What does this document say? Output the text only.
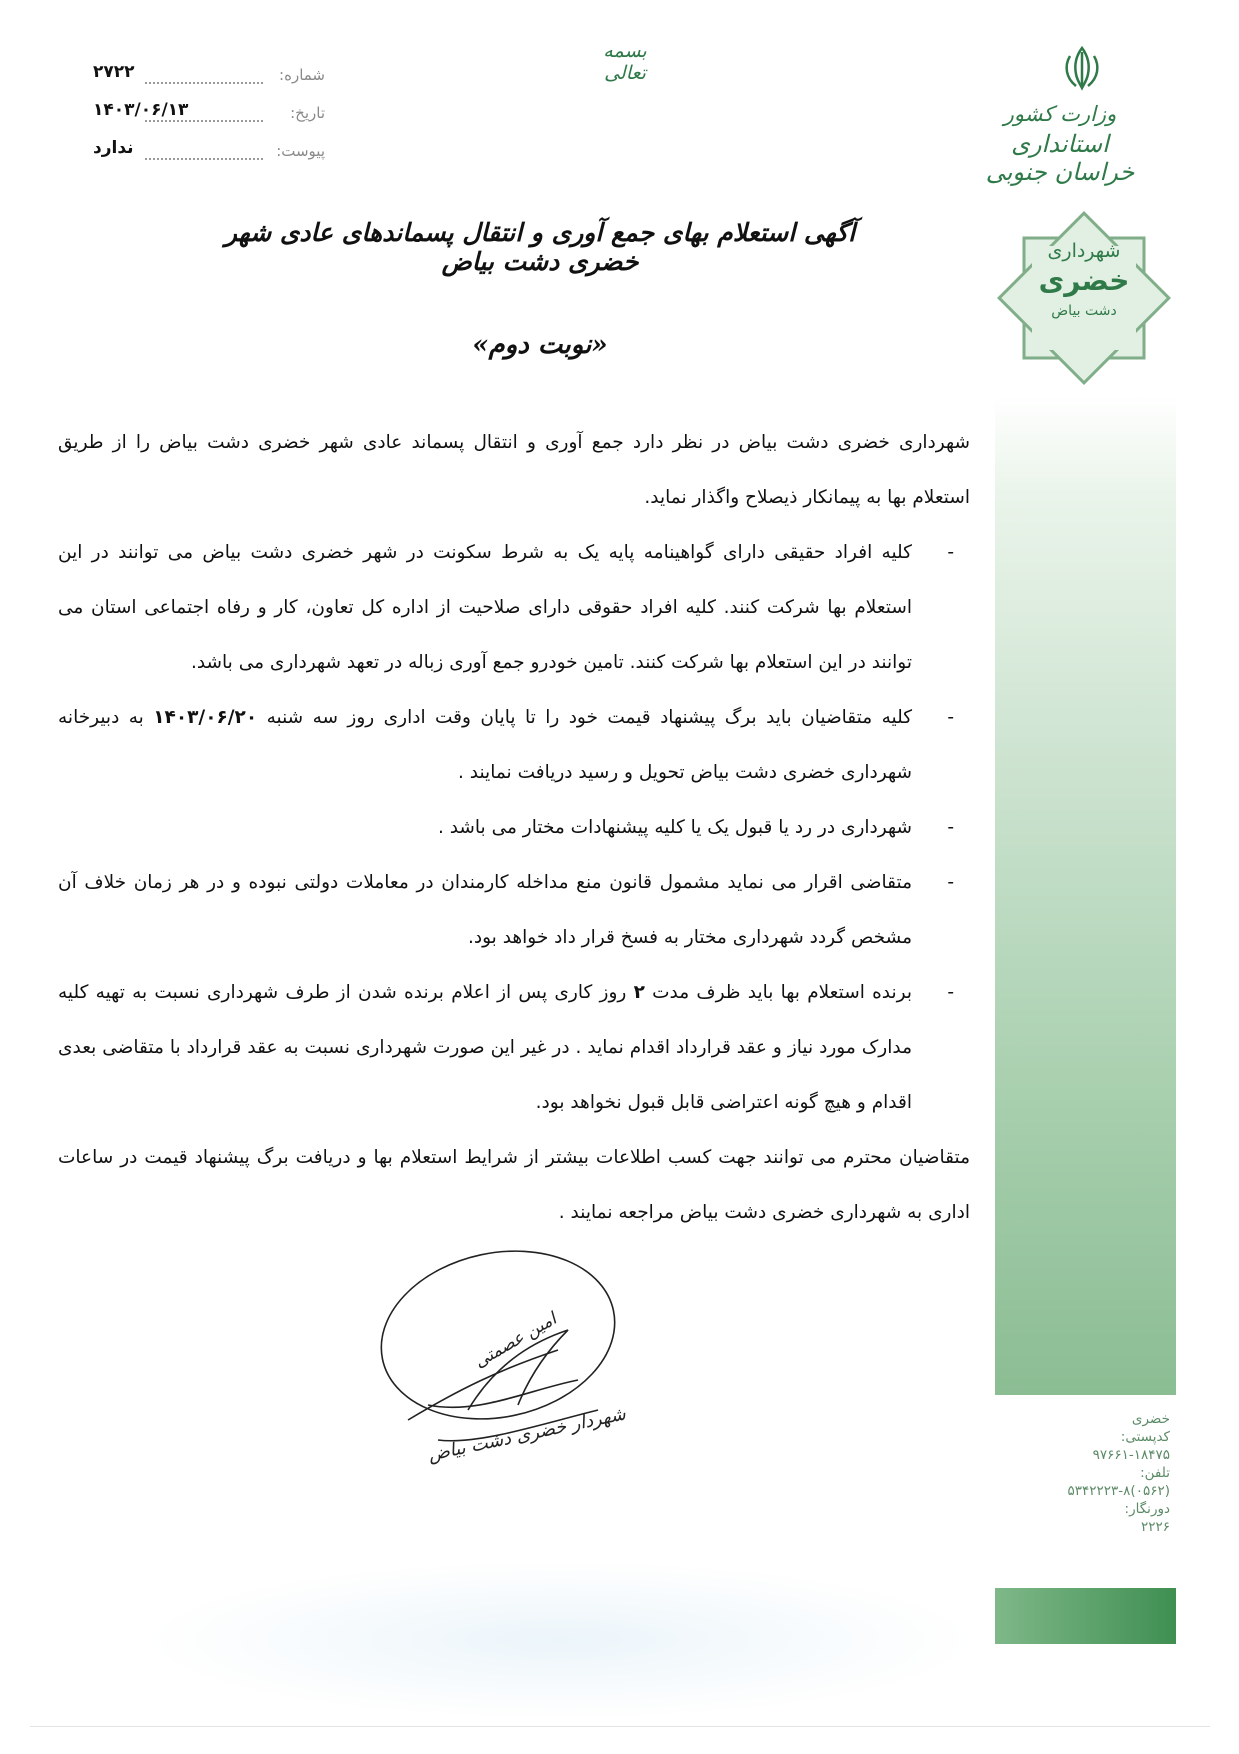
شماره:
۲۷۲۲
تاریخ:
۱۴۰۳/۰۶/۱۳
پیوست:
ندارد
بسمه تعالی
وزارت کشور
استانداری خراسان جنوبی
شهرداری
خضری
دشت بیاض
خضری
کدپستی:
۹۷۶۶۱-۱۸۴۷۵
تلفن:
(۰۵۶۲)۵۳۴۲۲۲۳-۸
دورنگار:
۲۲۲۶
آگهی استعلام بهای جمع آوری و انتقال پسماندهای عادی شهر خضری دشت بیاض
«نوبت دوم»

شهرداری خضری دشت بیاض در نظر دارد جمع آوری و انتقال پسماند عادی شهر خضری دشت بیاض را از طریق استعلام بها به پیمانکار ذیصلاح واگذار نماید.

-
کلیه افراد حقیقی دارای گواهینامه پایه یک به شرط سکونت در شهر خضری دشت بیاض می توانند در این استعلام بها شرکت کنند. کلیه افراد حقوقی دارای صلاحیت از اداره کل تعاون، کار و رفاه اجتماعی استان می توانند در این استعلام بها شرکت کنند. تامین خودرو جمع آوری زباله در تعهد شهرداری می باشد.

-
کلیه متقاضیان باید برگ پیشنهاد قیمت خود را تا پایان وقت اداری روز سه شنبه ۱۴۰۳/۰۶/۲۰ به دبیرخانه شهرداری خضری دشت بیاض تحویل و رسید دریافت نمایند .

-
شهرداری در رد یا قبول یک یا کلیه پیشنهادات مختار می باشد .

-
متقاضی اقرار می نماید مشمول قانون منع مداخله کارمندان در معاملات دولتی نبوده و در هر زمان خلاف آن مشخص گردد شهرداری مختار به فسخ قرار داد خواهد بود.

-
برنده استعلام بها باید ظرف مدت ۲ روز کاری پس از اعلام برنده شدن از طرف شهرداری نسبت به تهیه کلیه مدارک مورد نیاز و عقد قرارداد اقدام نماید . در غیر این صورت شهرداری نسبت به عقد قرارداد با متقاضی بعدی اقدام و هیچ گونه اعتراضی قابل قبول نخواهد بود.

متقاضیان محترم می توانند جهت کسب اطلاعات بیشتر از شرایط استعلام بها و دریافت برگ پیشنهاد قیمت در ساعات اداری به شهرداری خضری دشت بیاض مراجعه نمایند .

امین عصمتی
شهردار خضری دشت بیاض
